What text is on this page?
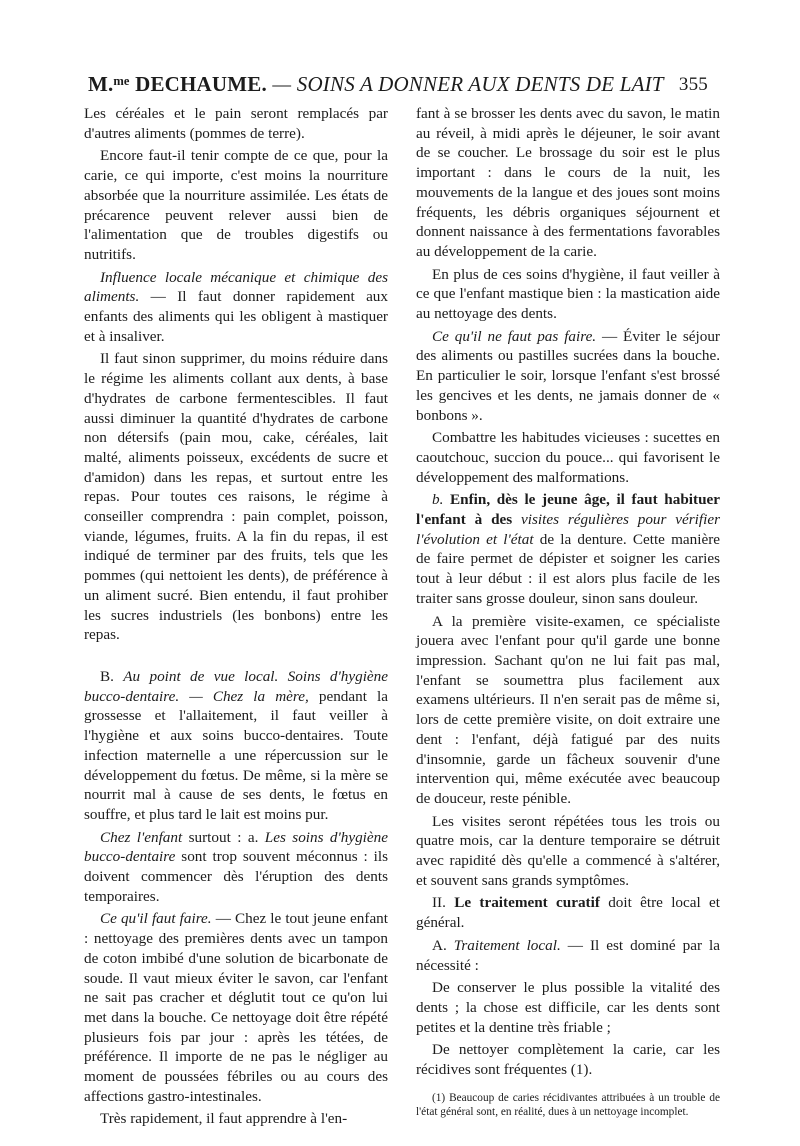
M.ᵐᵉ DECHAUME. — SOINS A DONNER AUX DENTS DE LAIT 355

Les céréales et le pain seront remplacés par d'autres aliments (pommes de terre).

Encore faut-il tenir compte de ce que, pour la carie, ce qui importe, c'est moins la nourriture absorbée que la nourriture assimilée. Les états de précarence peuvent relever aussi bien de l'alimentation que de troubles digestifs ou nutritifs.

Influence locale mécanique et chimique des aliments. — Il faut donner rapidement aux enfants des aliments qui les obligent à mastiquer et à insaliver.

Il faut sinon supprimer, du moins réduire dans le régime les aliments collant aux dents, à base d'hydrates de carbone fermentescibles. Il faut aussi diminuer la quantité d'hydrates de carbone non détersifs (pain mou, cake, céréales, lait malté, aliments poisseux, excédents de sucre et d'amidon) dans les repas, et surtout entre les repas. Pour toutes ces raisons, le régime à conseiller comprendra : pain complet, poisson, viande, légumes, fruits. A la fin du repas, il est indiqué de terminer par des fruits, tels que les pommes (qui nettoient les dents), de préférence à un aliment sucré. Bien entendu, il faut prohiber les sucres industriels (les bonbons) entre les repas.

B. Au point de vue local. Soins d'hygiène bucco-dentaire. — Chez la mère, pendant la grossesse et l'allaitement, il faut veiller à l'hygiène et aux soins bucco-dentaires. Toute infection maternelle a une répercussion sur le développement du fœtus. De même, si la mère se nourrit mal à cause de ses dents, le fœtus en souffre, et plus tard le lait est moins pur.

Chez l'enfant surtout : a. Les soins d'hygiène bucco-dentaire sont trop souvent méconnus : ils doivent commencer dès l'éruption des dents temporaires.

Ce qu'il faut faire. — Chez le tout jeune enfant : nettoyage des premières dents avec un tampon de coton imbibé d'une solution de bicarbonate de soude. Il vaut mieux éviter le savon, car l'enfant ne sait pas cracher et déglutit tout ce qu'on lui met dans la bouche. Ce nettoyage doit être répété plusieurs fois par jour : après les tétées, de préférence. Il importe de ne pas le négliger au moment de poussées fébriles ou au cours des affections gastro-intestinales.

Très rapidement, il faut apprendre à l'en-

fant à se brosser les dents avec du savon, le matin au réveil, à midi après le déjeuner, le soir avant de se coucher. Le brossage du soir est le plus important : dans le cours de la nuit, les mouvements de la langue et des joues sont moins fréquents, les débris organiques séjournent et donnent naissance à des fermentations favorables au développement de la carie.

En plus de ces soins d'hygiène, il faut veiller à ce que l'enfant mastique bien : la mastication aide au nettoyage des dents.

Ce qu'il ne faut pas faire. — Éviter le séjour des aliments ou pastilles sucrées dans la bouche. En particulier le soir, lorsque l'enfant s'est brossé les gencives et les dents, ne jamais donner de « bonbons ».

Combattre les habitudes vicieuses : sucettes en caoutchouc, succion du pouce... qui favorisent le développement des malformations.

b. Enfin, dès le jeune âge, il faut habituer l'enfant à des visites régulières pour vérifier l'évolution et l'état de la denture. Cette manière de faire permet de dépister et soigner les caries tout à leur début : il est alors plus facile de les traiter sans grosse douleur, sinon sans douleur.

A la première visite-examen, ce spécialiste jouera avec l'enfant pour qu'il garde une bonne impression. Sachant qu'on ne lui fait pas mal, l'enfant se soumettra plus facilement aux examens ultérieurs. Il n'en serait pas de même si, lors de cette première visite, on doit extraire une dent : l'enfant, déjà fatigué par des nuits d'insomnie, garde un fâcheux souvenir d'une intervention qui, même exécutée avec beaucoup de douceur, reste pénible.

Les visites seront répétées tous les trois ou quatre mois, car la denture temporaire se détruit avec rapidité dès qu'elle a commencé à s'altérer, et souvent sans grands symptômes.

II. Le traitement curatif doit être local et général.

A. Traitement local. — Il est dominé par la nécessité :

De conserver le plus possible la vitalité des dents ; la chose est difficile, car les dents sont petites et la dentine très friable ;

De nettoyer complètement la carie, car les récidives sont fréquentes (1).

(1) Beaucoup de caries récidivantes attribuées à un trouble de l'état général sont, en réalité, dues à un nettoyage incomplet.
